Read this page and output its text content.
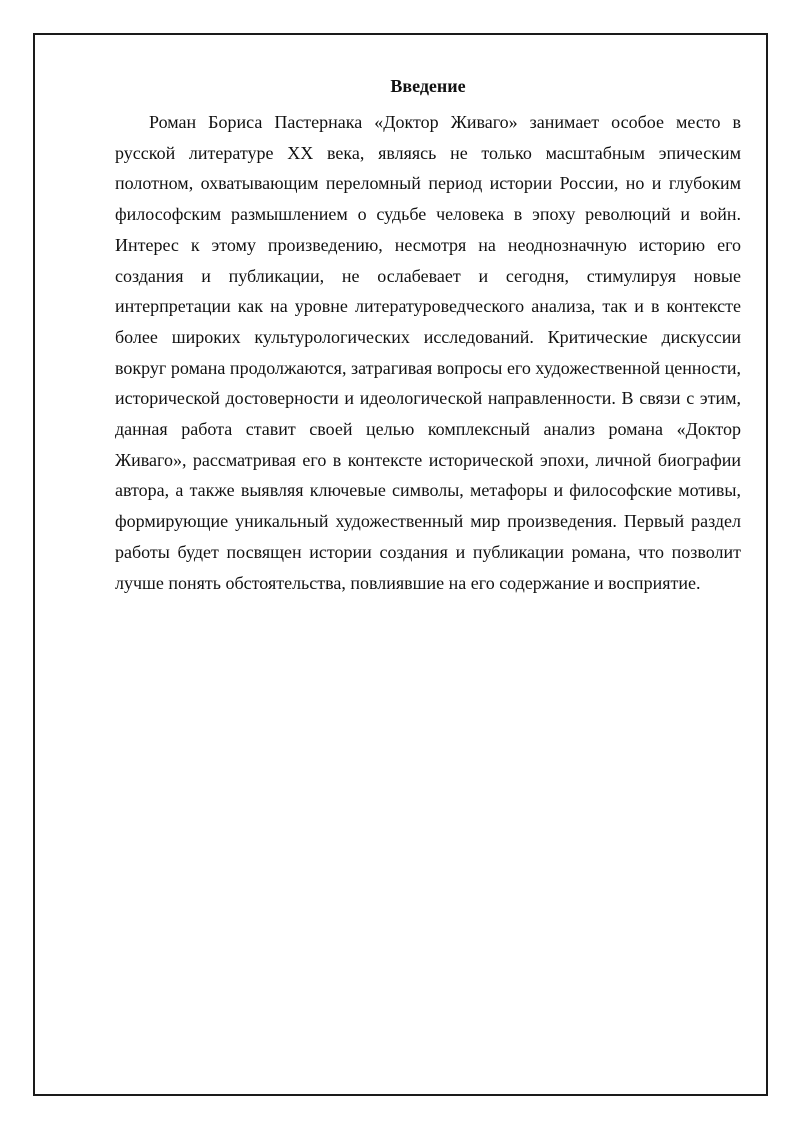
Введение

Роман Бориса Пастернака «Доктор Живаго» занимает особое место в русской литературе XX века, являясь не только масштабным эпическим полотном, охватывающим переломный период истории России, но и глубоким философским размышлением о судьбе человека в эпоху революций и войн. Интерес к этому произведению, несмотря на неоднозначную историю его создания и публикации, не ослабевает и сегодня, стимулируя новые интерпретации как на уровне литературоведческого анализа, так и в контексте более широких культурологических исследований. Критические дискуссии вокруг романа продолжаются, затрагивая вопросы его художественной ценности, исторической достоверности и идеологической направленности. В связи с этим, данная работа ставит своей целью комплексный анализ романа «Доктор Живаго», рассматривая его в контексте исторической эпохи, личной биографии автора, а также выявляя ключевые символы, метафоры и философские мотивы, формирующие уникальный художественный мир произведения. Первый раздел работы будет посвящен истории создания и публикации романа, что позволит лучше понять обстоятельства, повлиявшие на его содержание и восприятие.
